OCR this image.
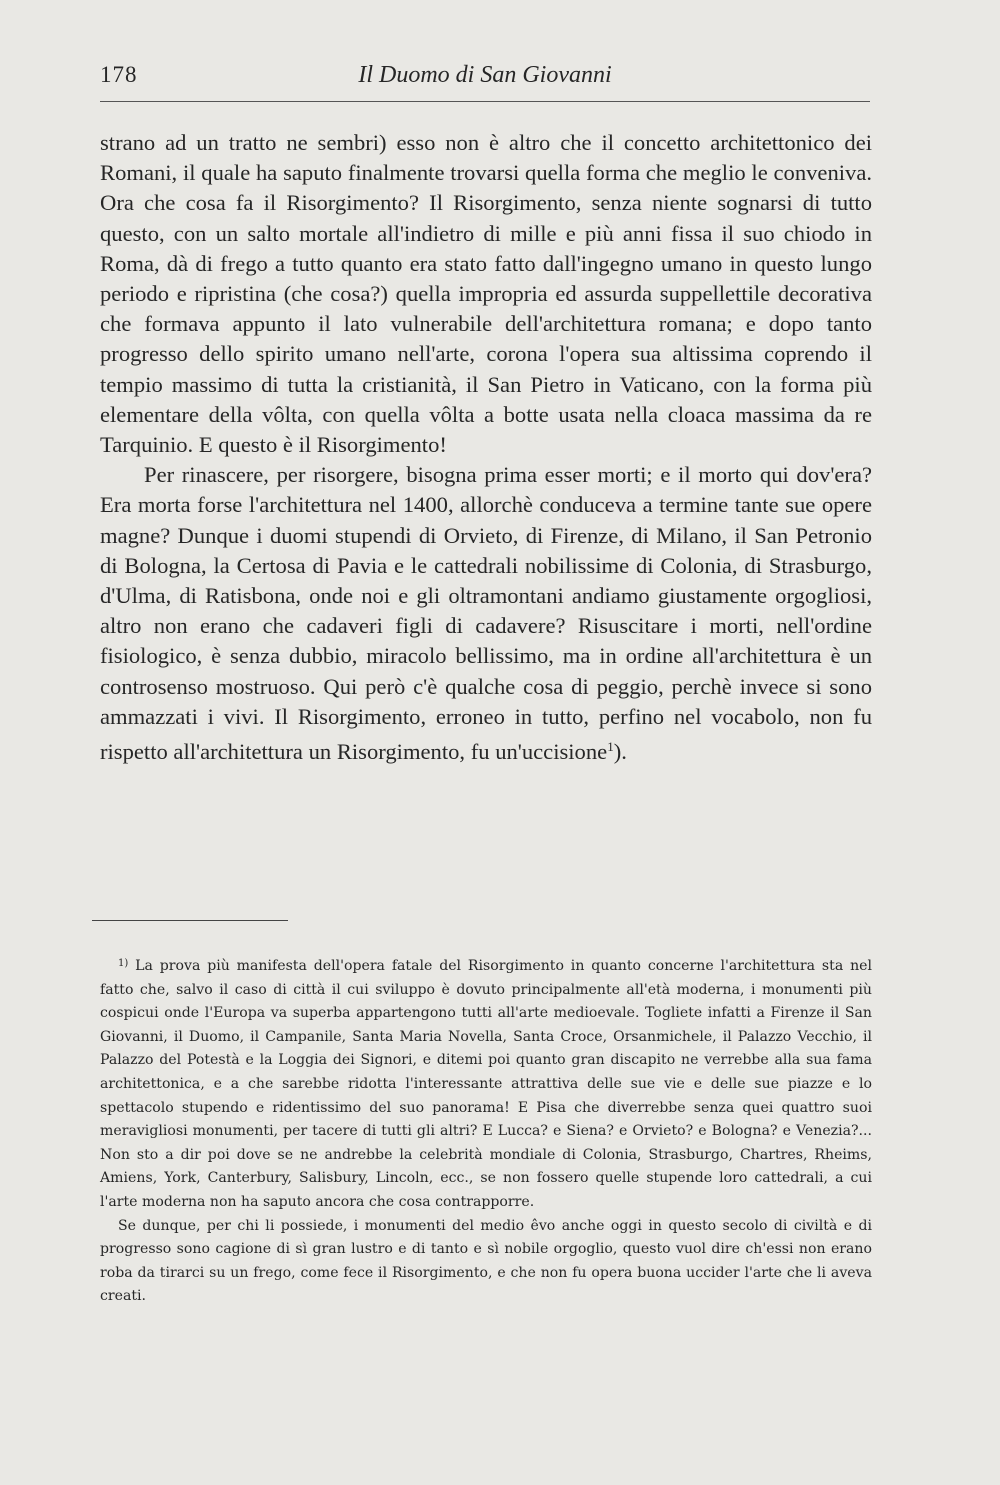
178	Il Duomo di San Giovanni

strano ad un tratto ne sembri) esso non è altro che il concetto architettonico dei Romani, il quale ha saputo finalmente trovarsi quella forma che meglio le conveniva. Ora che cosa fa il Risorgimento? Il Risorgimento, senza niente sognarsi di tutto questo, con un salto mortale all'indietro di mille e più anni fissa il suo chiodo in Roma, dà di frego a tutto quanto era stato fatto dall'ingegno umano in questo lungo periodo e ripristina (che cosa?) quella impropria ed assurda suppellettile decorativa che formava appunto il lato vulnerabile dell'architettura romana; e dopo tanto progresso dello spirito umano nell'arte, corona l'opera sua altissima coprendo il tempio massimo di tutta la cristianità, il San Pietro in Vaticano, con la forma più elementare della vôlta, con quella vôlta a botte usata nella cloaca massima da re Tarquinio. E questo è il Risorgimento!

Per rinascere, per risorgere, bisogna prima esser morti; e il morto qui dov'era? Era morta forse l'architettura nel 1400, allorchè conduceva a termine tante sue opere magne? Dunque i duomi stupendi di Orvieto, di Firenze, di Milano, il San Petronio di Bologna, la Certosa di Pavia e le cattedrali nobilissime di Colonia, di Strasburgo, d'Ulma, di Ratisbona, onde noi e gli oltramontani andiamo giustamente orgogliosi, altro non erano che cadaveri figli di cadavere? Risuscitare i morti, nell'ordine fisiologico, è senza dubbio, miracolo bellissimo, ma in ordine all'architettura è un controsenso mostruoso. Qui però c'è qualche cosa di peggio, perchè invece si sono ammazzati i vivi. Il Risorgimento, erroneo in tutto, perfino nel vocabolo, non fu rispetto all'architettura un Risorgimento, fu un'uccisione$^1$).

$^{1)}$ La prova più manifesta dell'opera fatale del Risorgimento in quanto concerne l'architettura sta nel fatto che, salvo il caso di città il cui sviluppo è dovuto principalmente all'età moderna, i monumenti più cospicui onde l'Europa va superba appartengono tutti all'arte medioevale. Togliete infatti a Firenze il San Giovanni, il Duomo, il Campanile, Santa Maria Novella, Santa Croce, Orsanmichele, il Palazzo Vecchio, il Palazzo del Potestà e la Loggia dei Signori, e ditemi poi quanto gran discapito ne verrebbe alla sua fama architettonica, e a che sarebbe ridotta l'interessante attrattiva delle sue vie e delle sue piazze e lo spettacolo stupendo e ridentissimo del suo panorama! E Pisa che diverrebbe senza quei quattro suoi meravigliosi monumenti, per tacere di tutti gli altri? E Lucca? e Siena? e Orvieto? e Bologna? e Venezia?... Non sto a dir poi dove se ne andrebbe la celebrità mondiale di Colonia, Strasburgo, Chartres, Rheims, Amiens, York, Canterbury, Salisbury, Lincoln, ecc., se non fossero quelle stupende loro cattedrali, a cui l'arte moderna non ha saputo ancora che cosa contrapporre.

Se dunque, per chi li possiede, i monumenti del medio êvo anche oggi in questo secolo di civiltà e di progresso sono cagione di sì gran lustro e di tanto e sì nobile orgoglio, questo vuol dire ch'essi non erano roba da tirarci su un frego, come fece il Risorgimento, e che non fu opera buona uccider l'arte che li aveva creati.
